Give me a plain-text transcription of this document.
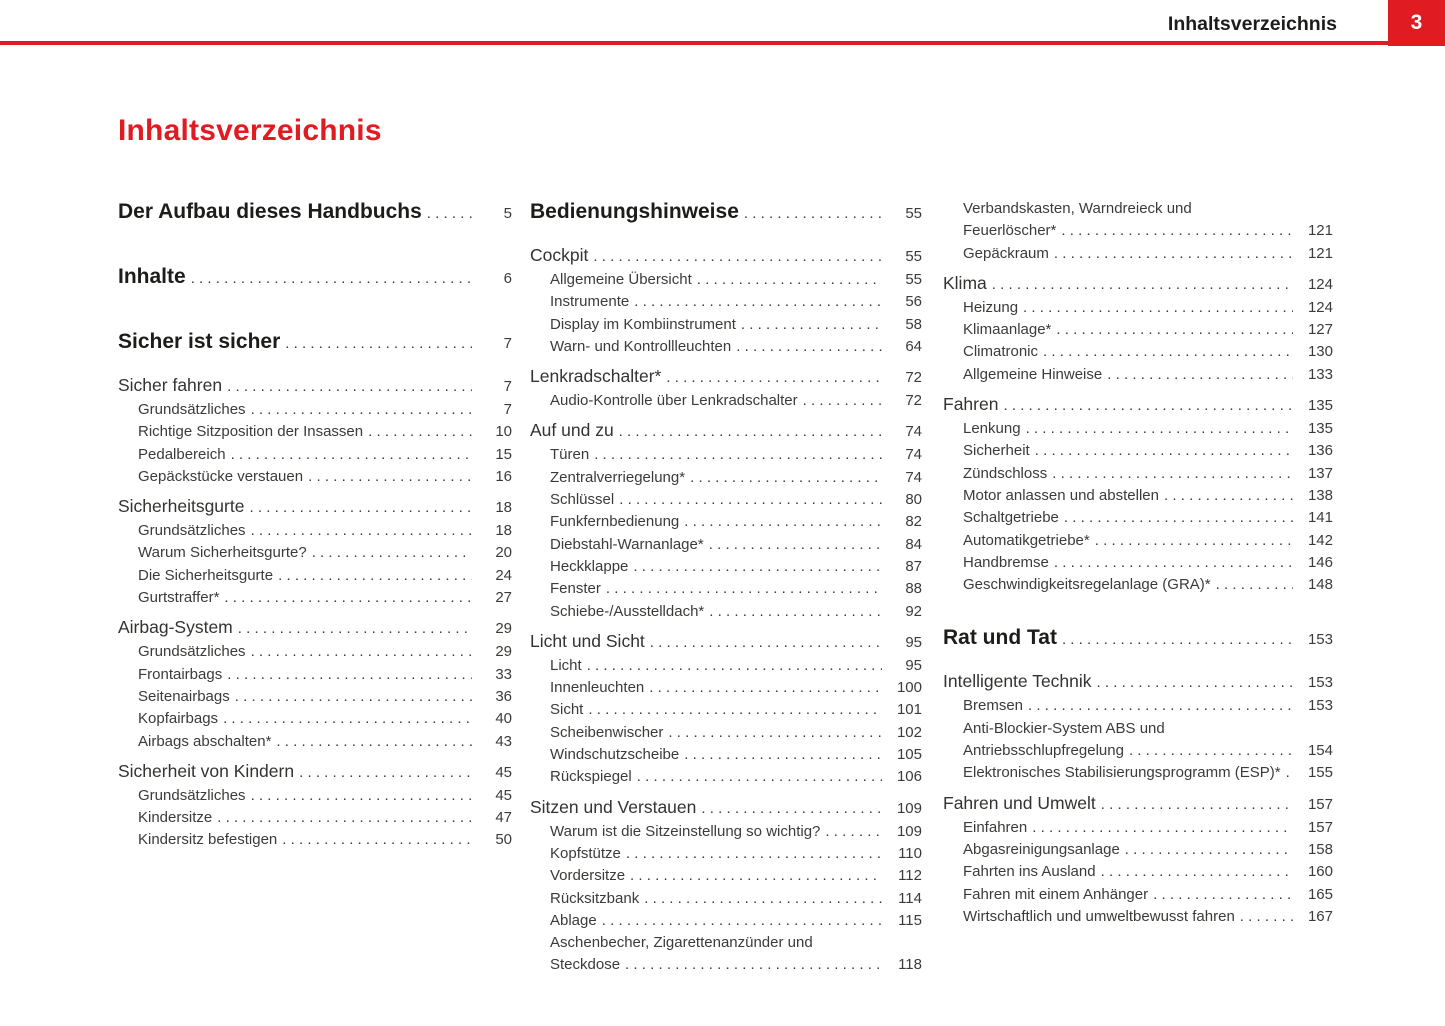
Inhaltsverzeichnis	3
Inhaltsverzeichnis
Der Aufbau dieses Handbuchs .....	5
Inhalte .....	6
Sicher ist sicher .....	7
Sicher fahren .....	7
Grundsätzliches .....	7
Richtige Sitzposition der Insassen .....	10
Pedalbereich .....	15
Gepäckstücke verstauen .....	16
Sicherheitsgurte .....	18
Grundsätzliches .....	18
Warum Sicherheitsgurte? .....	20
Die Sicherheitsgurte .....	24
Gurtstraffer* .....	27
Airbag-System .....	29
Grundsätzliches .....	29
Frontairbags .....	33
Seitenairbags .....	36
Kopfairbags .....	40
Airbags abschalten* .....	43
Sicherheit von Kindern .....	45
Grundsätzliches .....	45
Kindersitze .....	47
Kindersitz befestigen .....	50
Bedienungshinweise .....	55
Cockpit .....	55
Allgemeine Übersicht .....	55
Instrumente .....	56
Display im Kombiinstrument .....	58
Warn- und Kontrollleuchten .....	64
Lenkradschalter* .....	72
Audio-Kontrolle über Lenkradschalter .....	72
Auf und zu .....	74
Türen .....	74
Zentralverriegelung* .....	74
Schlüssel .....	80
Funkfernbedienung .....	82
Diebstahl-Warnanlage* .....	84
Heckklappe .....	87
Fenster .....	88
Schiebe-/Ausstelldach* .....	92
Licht und Sicht .....	95
Licht .....	95
Innenleuchten .....	100
Sicht .....	101
Scheibenwischer .....	102
Windschutzscheibe .....	105
Rückspiegel .....	106
Sitzen und Verstauen .....	109
Warum ist die Sitzeinstellung so wichtig? .....	109
Kopfstütze .....	110
Vordersitze .....	112
Rücksitzbank .....	114
Ablage .....	115
Aschenbecher, Zigarettenanzünder und
Steckdose .....	118
Verbandskasten, Warndreieck und
Feuerlöscher* .....	121
Gepäckraum .....	121
Klima .....	124
Heizung .....	124
Klimaanlage* .....	127
Climatronic .....	130
Allgemeine Hinweise .....	133
Fahren .....	135
Lenkung .....	135
Sicherheit .....	136
Zündschloss .....	137
Motor anlassen und abstellen .....	138
Schaltgetriebe .....	141
Automatikgetriebe* .....	142
Handbremse .....	146
Geschwindigkeitsregelanlage (GRA)* .....	148
Rat und Tat .....	153
Intelligente Technik .....	153
Bremsen .....	153
Anti-Blockier-System ABS und
Antriebsschlupfregelung .....	154
Elektronisches Stabilisierungsprogramm (ESP)* .....	155
Fahren und Umwelt .....	157
Einfahren .....	157
Abgasreinigungsanlage .....	158
Fahrten ins Ausland .....	160
Fahren mit einem Anhänger .....	165
Wirtschaftlich und umweltbewusst fahren .....	167
